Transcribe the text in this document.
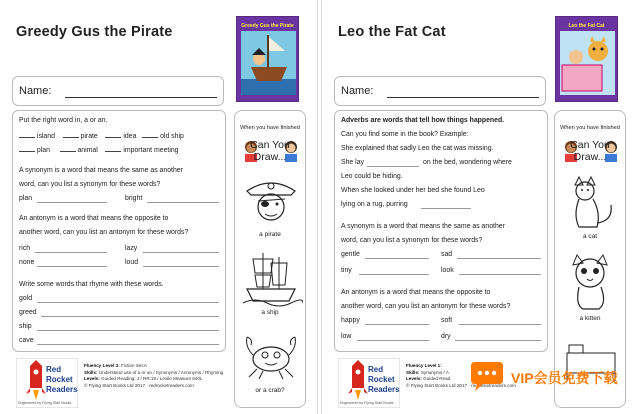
Greedy Gus the Pirate	Greedy Gus the Pirate
Name:
Put the right word in, a or an.
island	pirate	idea	old ship
plan	animal	important meeting
A synonym is a word that means the same as another
word, can you list a synonym for these words?
plan	bright
An antonym is a word that means the opposite to
another word, can you list an antonym for these words?
rich	lazy
none	loud
Write some words that rhyme with these words.
gold
greed
ship
cave
When you have finished
Can You
Draw...
a pirate
a ship
or a crab?
Red
Rocket
Readers
Engineered by Flying Start Books
Fluency Level 3: Fiction Set A
Skills: Understand use of a or an / Synonyms / Antonyms / Rhyming
Levels: Guided Reading: J / RR:19 / Lexile Measure 640L
© Flying Start Books Ltd 2017 · redrocketreaders.com
Leo the Fat Cat	Leo the Fat Cat
Name:
Adverbs are words that tell how things happened.
Can you find some in the book? Example:
She explained that sadly Leo the cat was missing.
She lay	on the bed, wondering where
Leo could be hiding.
When she looked under her bed she found Leo
lying on a rug, purring
A synonym is a word that means the same as another
word, can you list a synonym for these words?
gentle	sad
tiny	look
An antonym is a word that means the opposite to
another word, can you list an antonym for these words?
happy	soft
low	dry
When you have finished
Can You
Draw...
a cat
a kitten
Red
Rocket
Readers
Engineered by Flying Start Books
Fluency Level 1:
Skills: Synonyms / A
Levels: Guided Read
© Flying Start Books Ltd 2017 · redrocketreaders.com
VIP会员免费下载
